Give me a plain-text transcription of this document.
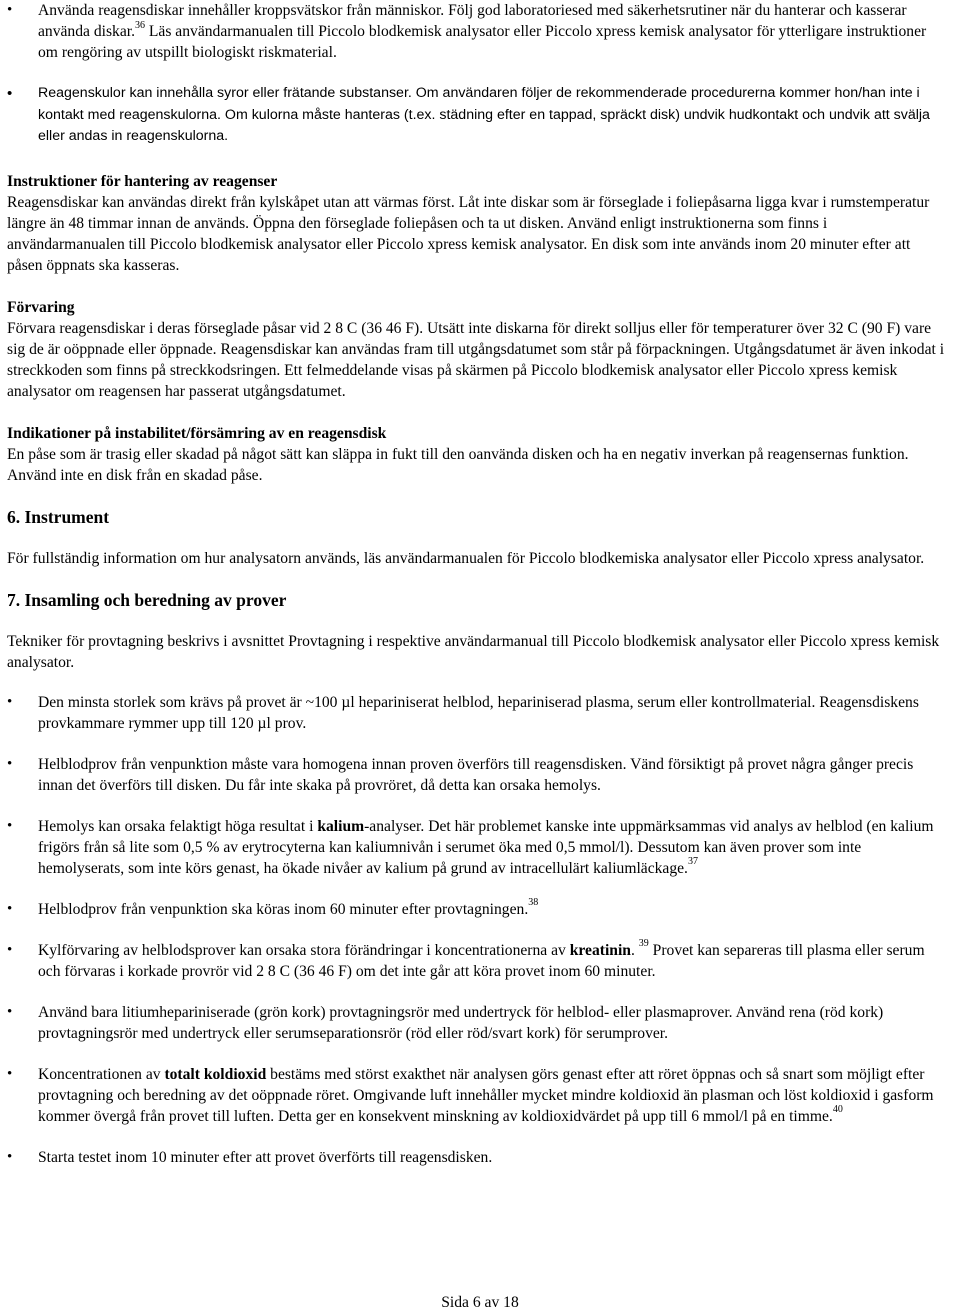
• Använda reagensdiskar innehåller kroppsvätskor från människor. Följ god laboratoriesed med säkerhetsrutiner när du hanterar och kasserar använda diskar.$^{36}$ Läs användarmanualen till Piccolo blodkemisk analysator eller Piccolo xpress kemisk analysator för ytterligare instruktioner om rengöring av utspillt biologiskt riskmaterial.
• Reagenskulor kan innehålla syror eller frätande substanser. Om användaren följer de rekommenderade procedurerna kommer hon/han inte i kontakt med reagenskulorna. Om kulorna måste hanteras (t.ex. städning efter en tappad, spräckt disk) undvik hudkontakt och undvik att svälja eller andas in reagenskulorna.

Instruktioner för hantering av reagenser

Reagensdiskar kan användas direkt från kylskåpet utan att värmas först. Låt inte diskar som är förseglade i foliepåsarna ligga kvar i rumstemperatur längre än 48 timmar innan de används. Öppna den förseglade foliepåsen och ta ut disken. Använd enligt instruktionerna som finns i användarmanualen till Piccolo blodkemisk analysator eller Piccolo xpress kemisk analysator. En disk som inte används inom 20 minuter efter att påsen öppnats ska kasseras.

Förvaring

Förvara reagensdiskar i deras förseglade påsar vid 2 8 C (36 46 F). Utsätt inte diskarna för direkt solljus eller för temperaturer över 32 C (90 F) vare sig de är oöppnade eller öppnade. Reagensdiskar kan användas fram till utgångsdatumet som står på förpackningen. Utgångsdatumet är även inkodat i streckkoden som finns på streckkodsringen. Ett felmeddelande visas på skärmen på Piccolo blodkemisk analysator eller Piccolo xpress kemisk analysator om reagensen har passerat utgångsdatumet.

Indikationer på instabilitet/försämring av en reagensdisk

En påse som är trasig eller skadad på något sätt kan släppa in fukt till den oanvända disken och ha en negativ inverkan på reagensernas funktion. Använd inte en disk från en skadad påse.

6. Instrument

För fullständig information om hur analysatorn används, läs användarmanualen för Piccolo blodkemiska analysator eller Piccolo xpress analysator.

7. Insamling och beredning av prover

Tekniker för provtagning beskrivs i avsnittet Provtagning i respektive användarmanual till Piccolo blodkemisk analysator eller Piccolo xpress kemisk analysator.

• Den minsta storlek som krävs på provet är ~100 µl hepariniserat helblod, hepariniserad plasma, serum eller kontrollmaterial. Reagensdiskens provkammare rymmer upp till 120 µl prov.
• Helblodprov från venpunktion måste vara homogena innan proven överförs till reagensdisken. Vänd försiktigt på provet några gånger precis innan det överförs till disken. Du får inte skaka på provröret, då detta kan orsaka hemolys.
• Hemolys kan orsaka felaktigt höga resultat i kalium-analyser. Det här problemet kanske inte uppmärksammas vid analys av helblod (en kalium frigörs från så lite som 0,5 % av erytrocyterna kan kaliumnivån i serumet öka med 0,5 mmol/l). Dessutom kan även prover som inte hemolyserats, som inte körs genast, ha ökade nivåer av kalium på grund av intracellulärt kaliumläckage.$^{37}$
• Helblodprov från venpunktion ska köras inom 60 minuter efter provtagningen.$^{38}$
• Kylförvaring av helblodsprover kan orsaka stora förändringar i koncentrationerna av kreatinin. $^{39}$ Provet kan separeras till plasma eller serum och förvaras i korkade provrör vid 2 8 C (36 46 F) om det inte går att köra provet inom 60 minuter.
• Använd bara litiumhepariniserade (grön kork) provtagningsrör med undertryck för helblod- eller plasmaprover. Använd rena (röd kork) provtagningsrör med undertryck eller serumseparationsrör (röd eller röd/svart kork) för serumprover.
• Koncentrationen av totalt koldioxid bestäms med störst exakthet när analysen görs genast efter att röret öppnas och så snart som möjligt efter provtagning och beredning av det oöppnade röret. Omgivande luft innehåller mycket mindre koldioxid än plasman och löst koldioxid i gasform kommer övergå från provet till luften. Detta ger en konsekvent minskning av koldioxidvärdet på upp till 6 mmol/l på en timme.$^{40}$
• Starta testet inom 10 minuter efter att provet överförts till reagensdisken.
Sida 6 av 18
